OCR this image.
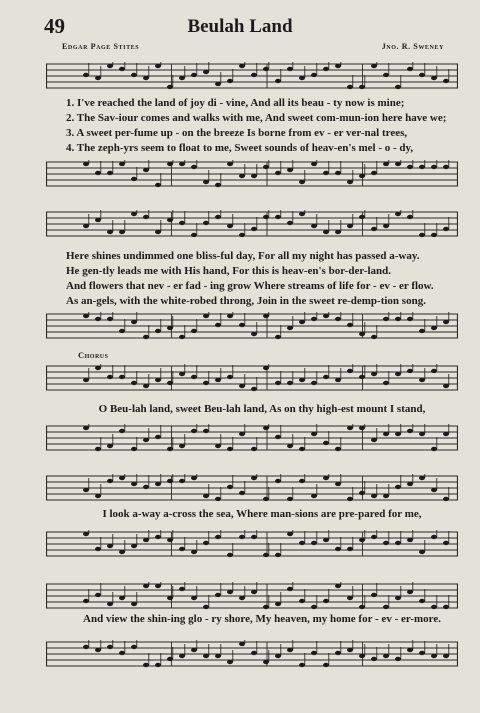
49	Beulah Land
Edgar Page Stites	Jno. R. Sweney
1. I've reached the land of joy di - vine, And all its beau - ty now is mine;
2. The Sav-iour comes and walks with me, And sweet com-mun-ion here have we;
3. A sweet per-fume up - on the breeze Is borne from ev - er ver-nal trees,
4. The zeph-yrs seem to float to me, Sweet sounds of heav-en's mel - o - dy,
Here shines undimmed one bliss-ful day, For all my night has passed a-way.
He gen-tly leads me with His hand, For this is heav-en's bor-der-land.
And flowers that nev - er fad - ing grow Where streams of life for - ev - er flow.
As an-gels, with the white-robed throng, Join in the sweet re-demp-tion song.
Chorus
O Beu-lah land, sweet Beu-lah land, As on thy high-est mount I stand,
I look a-way a-cross the sea, Where man-sions are pre-pared for me,
And view the shin-ing glo - ry shore, My heaven, my home for - ev - er-more.
